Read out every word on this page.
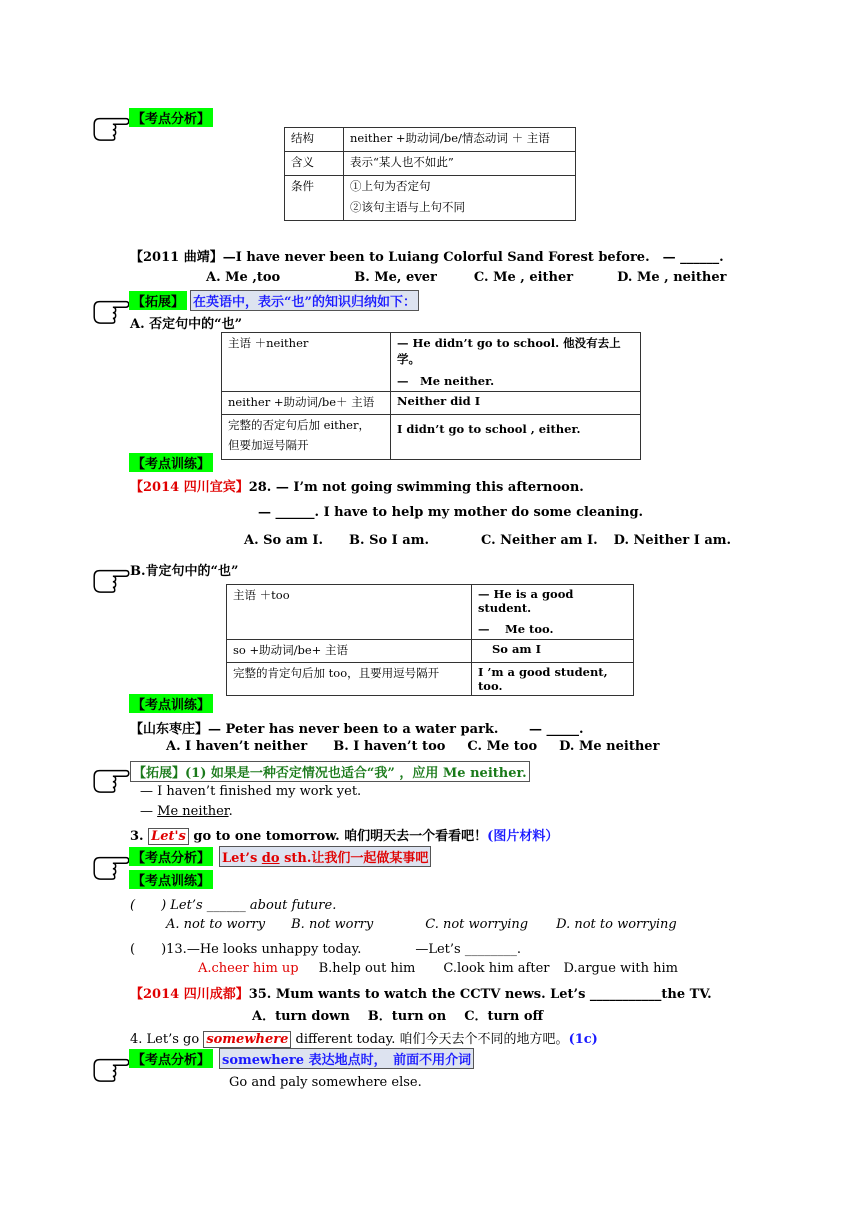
【考点分析】
结构	neither +助动词/be/情态动词 ＋ 主语
含义	表示“某人也不如此”
条件	①上句为否定句
②该句主语与上句不同
【2011 曲靖】—I have never been to Luiang Colorful Sand Forest before.　— ______.
A. Me ,too	B. Me, ever	C. Me , either	D. Me , neither
【拓展】 在英语中，表示“也”的知识归纳如下：
A. 否定句中的“也”
主语 ＋neither	— He didn’t go to school. 他没有去上学。
—　Me neither.

neither +助动词/be＋ 主语	Neither did I

完整的否定句后加 either，
但要加逗号隔开	I didn’t go to school , either.
【考点训练】
【2014 四川宜宾】28. — I’m not going swimming this afternoon.
— ______. I have to help my mother do some cleaning.
A. So am I. B. So I am.	C. Neither am I. D. Neither I am.
B.肯定句中的“也”
主语 ＋too	— He is a good student.
—　 Me too.

so +助动词/be+ 主语	So am I
完整的肯定句后加 too，且要用逗号隔开	I ’m a good student, too.
【考点训练】
【山东枣庄】— Peter has never been to a water park.　　 — _____.
A. I haven’t neither B. I haven’t too C. Me too D. Me neither
【拓展】(1) 如果是一种否定情况也适合“我” ，应用 Me neither.
— I haven’t finished my work yet.
— Me neither.
3. Let's go to one tomorrow. 咱们明天去一个看看吧！(图片材料）
【考点分析】 Let’s do sth.让我们一起做某事吧
【考点训练】
(　　) Let’s ______ about future.
A. not to worry B. not worry	C. not worrying D. not to worrying
(　　)13.—He looks unhappy today.	—Let’s ________.
A.cheer him up B.help out him C.look him after D.argue with him
【2014 四川成都】35. Mum wants to watch the CCTV news. Let’s ___________the TV.
A．turn down B．turn on C．turn off
4. Let’s go somewhere different today. 咱们今天去个不同的地方吧。(1c)
【考点分析】 somewhere 表达地点时，　前面不用介词
Go and paly somewhere else.
